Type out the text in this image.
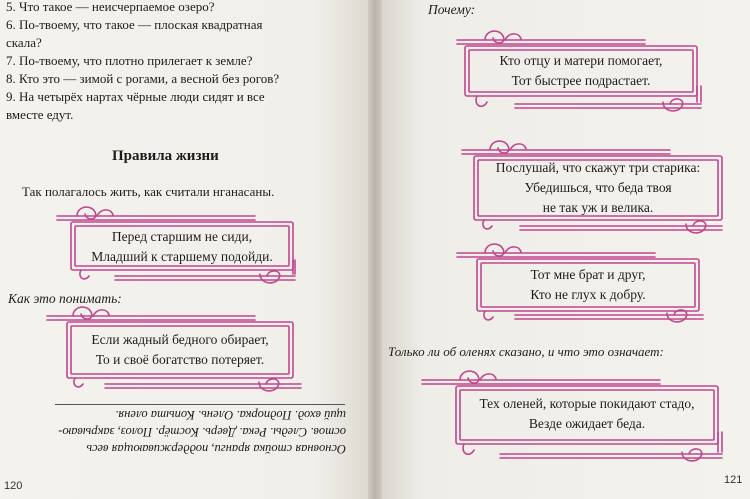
5. Что такое — неисчерпаемое озеро?
6. По-твоему, что такое — плоская квадратная
скала?
7. По-твоему, что плотно прилегает к земле?
8. Кто это — зимой с рогами, а весной без рогов?
9. На четырёх нартах чёрные люди сидят и все
вместе едут.
Правила жизни
Так полагалось жить, как считали нганасаны.
Перед старшим не сиди,
Младший к старшему подойди.
Как это понимать:
Если жадный бедного обирает,
То и своё богатство потеряет.
Основная стойка яранги, поддерживающая весь
остов. Следы. Река. Дверь. Костёр. Полоз, закрываю-
щий вход. Подпорка. Олень. Копыта оленя.
120
Почему:
Кто отцу и матери помогает,
Тот быстрее подрастает.
Послушай, что скажут три старика:
Убедишься, что беда твоя
не так уж и велика.
Тот мне брат и друг,
Кто не глух к добру.
Только ли об оленях сказано, и что это означает:
Тех оленей, которые покидают стадо,
Везде ожидает беда.
121
